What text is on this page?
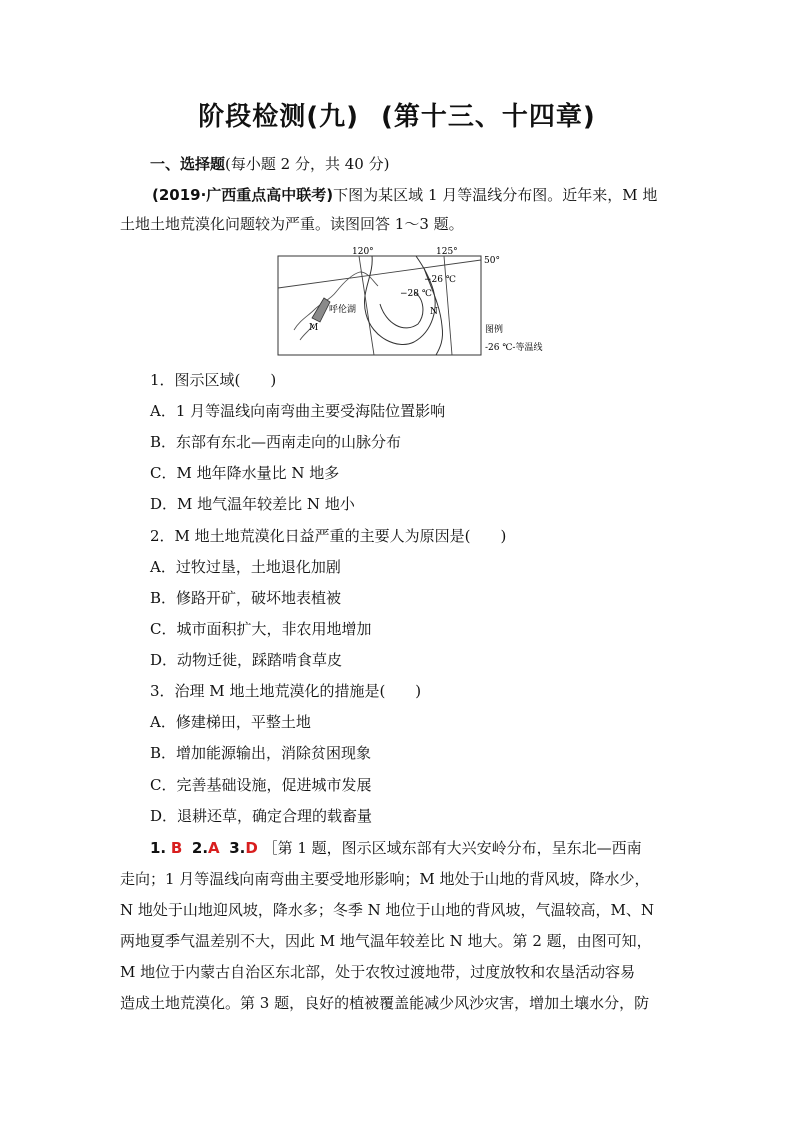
阶段检测(九) (第十三、十四章)
一、选择题(每小题 2 分，共 40 分)
(2019·广西重点高中联考)下图为某区域 1 月等温线分布图。近年来，M 地
土地土地荒漠化问题较为严重。读图回答 1～3 题。
120°	125°
50°
−26 ℃
−28 ℃
呼伦湖
M
N
图例
-26 ℃-等温线
1．图示区域(　　)
A．1 月等温线向南弯曲主要受海陆位置影响
B．东部有东北—西南走向的山脉分布
C．M 地年降水量比 N 地多
D．M 地气温年较差比 N 地小
2．M 地土地荒漠化日益严重的主要人为原因是(　　)
A．过牧过垦，土地退化加剧
B．修路开矿，破坏地表植被
C．城市面积扩大，非农用地增加
D．动物迁徙，踩踏啃食草皮
3．治理 M 地土地荒漠化的措施是(　　)
A．修建梯田，平整土地
B．增加能源输出，消除贫困现象
C．完善基础设施，促进城市发展
D．退耕还草，确定合理的载畜量
1. B 2.A 3.D ［第 1 题，图示区域东部有大兴安岭分布，呈东北—西南
走向；1 月等温线向南弯曲主要受地形影响；M 地处于山地的背风坡，降水少，
N 地处于山地迎风坡，降水多；冬季 N 地位于山地的背风坡，气温较高，M、N
两地夏季气温差别不大，因此 M 地气温年较差比 N 地大。第 2 题，由图可知，
M 地位于内蒙古自治区东北部，处于农牧过渡地带，过度放牧和农垦活动容易
造成土地荒漠化。第 3 题，良好的植被覆盖能减少风沙灾害，增加土壤水分，防
